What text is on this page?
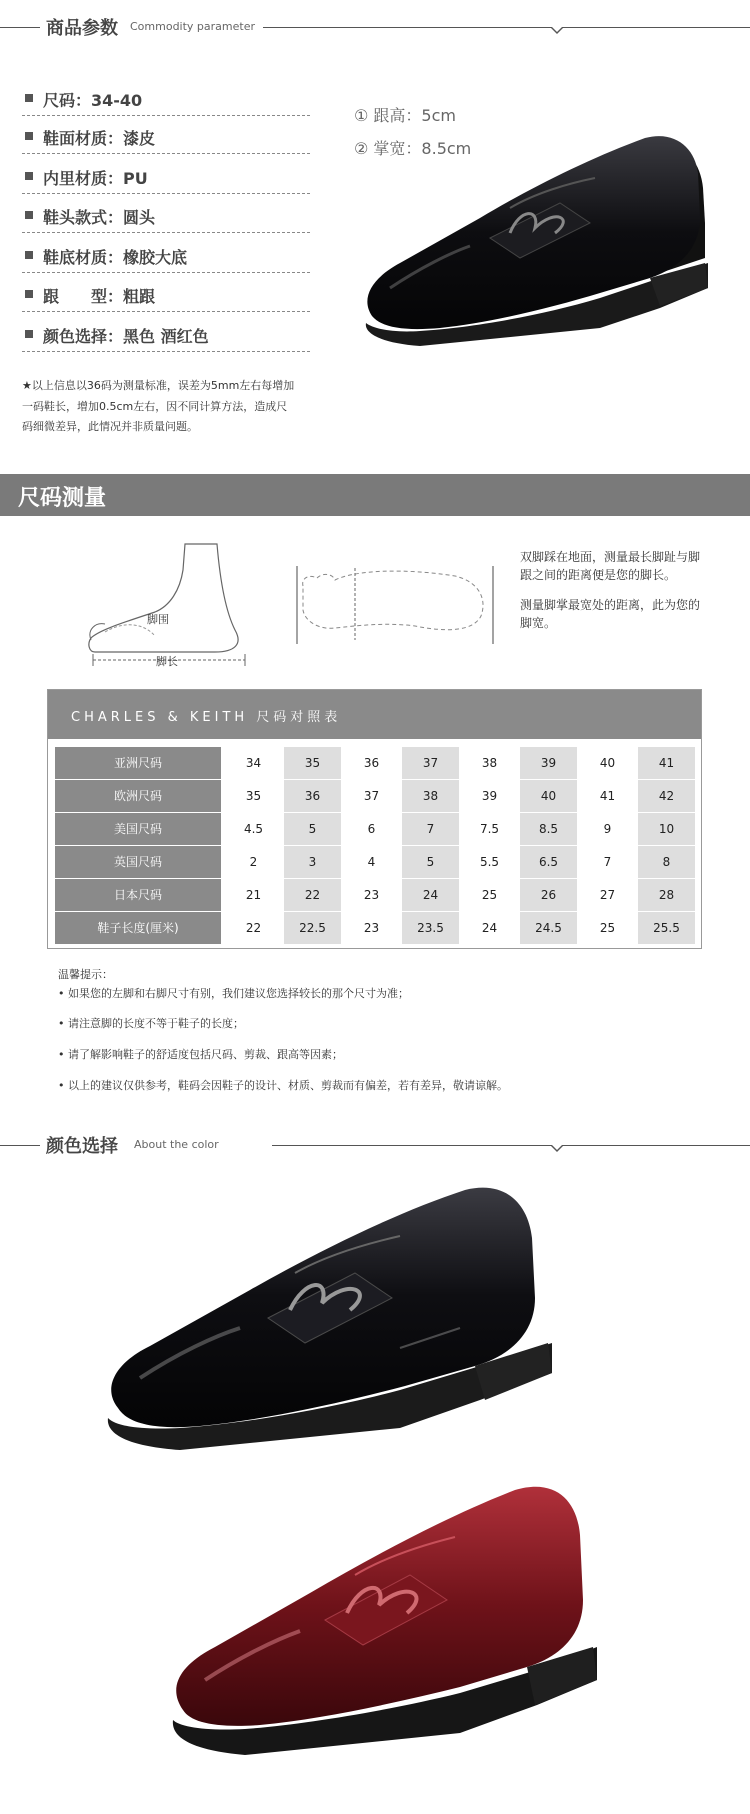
商品参数 Commodity parameter
尺码：34-40
鞋面材质：漆皮
内里材质：PU
鞋头款式：圆头
鞋底材质：橡胶大底
跟　　型：粗跟
颜色选择：黑色 酒红色
① 跟高：5cm
② 掌宽：8.5cm
★以上信息以36码为测量标准，误差为5mm左右每增加
一码鞋长，增加0.5cm左右，因不同计算方法，造成尺
码细微差异，此情况并非质量问题。
尺码测量
脚围
脚长
双脚踩在地面，测量最长脚趾与脚
跟之间的距离便是您的脚长。
测量脚掌最宽处的距离，此为您的
脚宽。
CHARLES & KEITH 尺码对照表
亚洲尺码	34	35	36	37	38	39	40	41
欧洲尺码	35	36	37	38	39	40	41	42
美国尺码	4.5	5	6	7	7.5	8.5	9	10
英国尺码	2	3	4	5	5.5	6.5	7	8
日本尺码	21	22	23	24	25	26	27	28
鞋子长度(厘米)	22	22.5	23	23.5	24	24.5	25	25.5
温馨提示：
• 如果您的左脚和右脚尺寸有别，我们建议您选择较长的那个尺寸为准；
• 请注意脚的长度不等于鞋子的长度；
• 请了解影响鞋子的舒适度包括尺码、剪裁、跟高等因素；
• 以上的建议仅供参考，鞋码会因鞋子的设计、材质、剪裁而有偏差，若有差异，敬请谅解。
颜色选择 About the color
